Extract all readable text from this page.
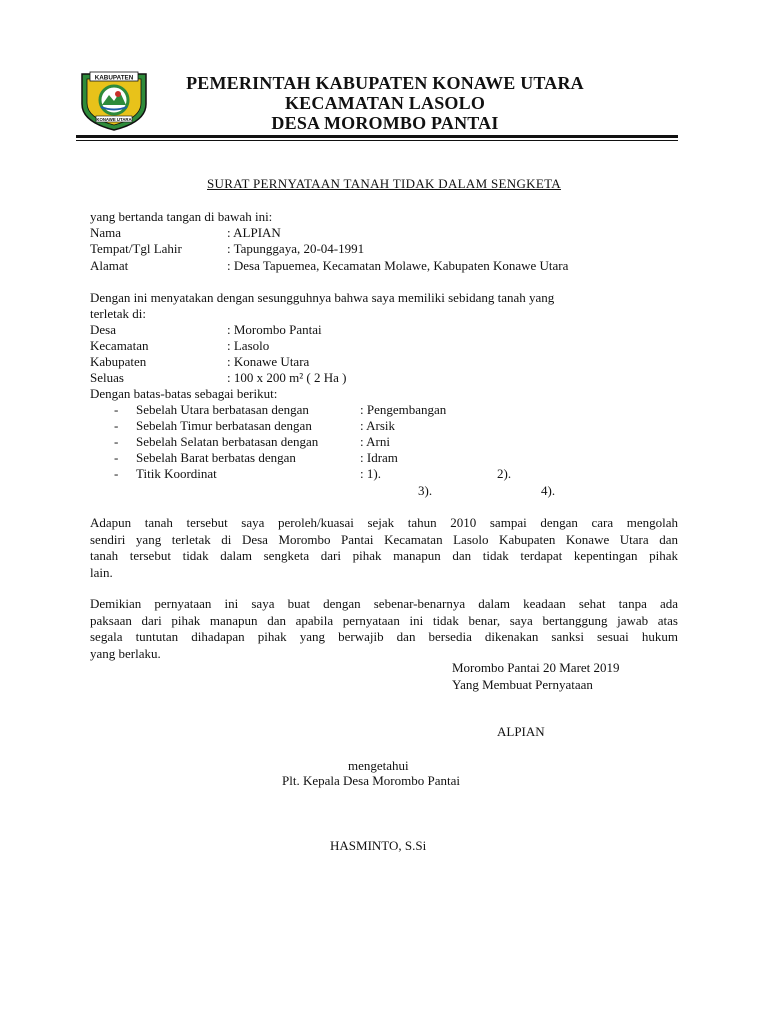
KABUPATEN
KONAWE UTARA
PEMERINTAH KABUPATEN KONAWE UTARA
KECAMATAN LASOLO
DESA MOROMBO PANTAI
SURAT PERNYATAAN TANAH TIDAK DALAM SENGKETA
yang bertanda tangan di bawah ini:
Nama	: ALPIAN
Tempat/Tgl Lahir	: Tapunggaya, 20-04-1991
Alamat	: Desa Tapuemea, Kecamatan Molawe, Kabupaten Konawe Utara
Dengan ini menyatakan dengan sesungguhnya bahwa saya memiliki sebidang tanah yang
terletak di:
Desa	: Morombo Pantai
Kecamatan	: Lasolo
Kabupaten	: Konawe Utara
Seluas	: 100 x 200 m² ( 2 Ha )
Dengan batas-batas sebagai berikut:
- Sebelah Utara berbatasan dengan	: Pengembangan
- Sebelah Timur berbatasan dengan	: Arsik
- Sebelah Selatan berbatasan dengan	: Arni
- Sebelah Barat berbatas dengan	: Idram
- Titik Koordinat	: 1).	2).
3).	4).
Adapun tanah tersebut saya peroleh/kuasai sejak tahun 2010 sampai dengan cara mengolah
sendiri yang terletak di Desa Morombo Pantai Kecamatan Lasolo Kabupaten Konawe Utara dan
tanah tersebut tidak dalam sengketa dari pihak manapun dan tidak terdapat kepentingan pihak
lain.
Demikian pernyataan ini saya buat dengan sebenar-benarnya dalam keadaan sehat tanpa ada
paksaan dari pihak manapun dan apabila pernyataan ini tidak benar, saya bertanggung jawab atas
segala tuntutan dihadapan pihak yang berwajib dan bersedia dikenakan sanksi sesuai hukum
yang berlaku.
Morombo Pantai 20 Maret 2019
Yang Membuat Pernyataan
ALPIAN
mengetahui
Plt. Kepala Desa Morombo Pantai
HASMINTO, S.Si
